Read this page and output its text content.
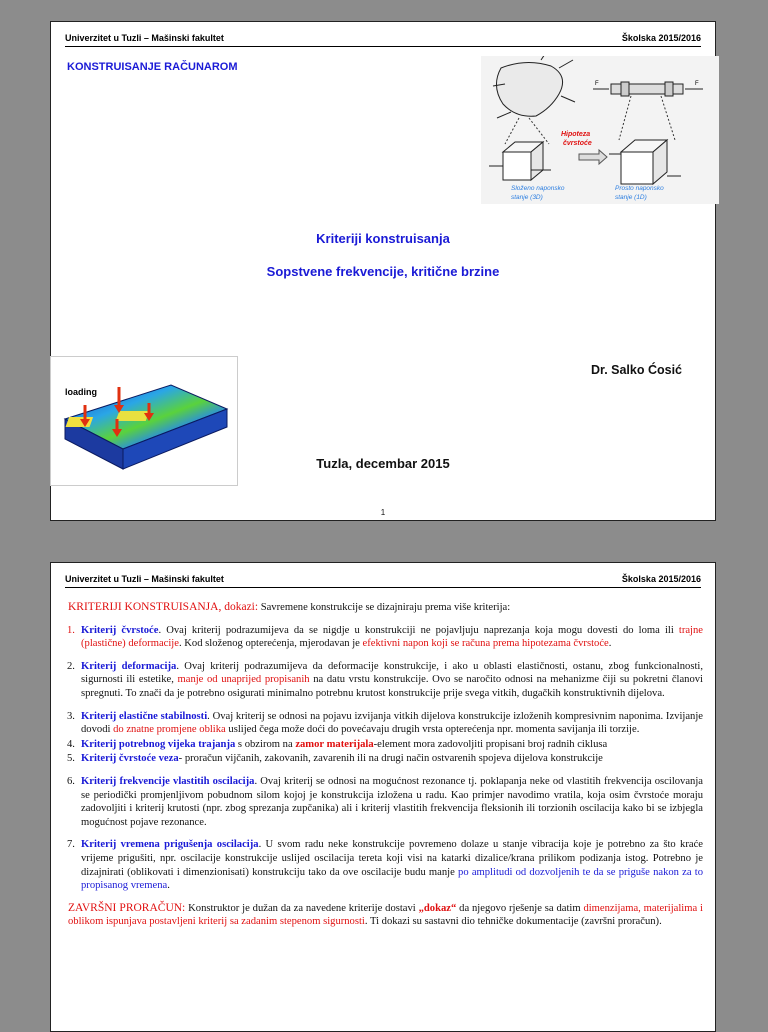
Univerzitet u Tuzli – Mašinski fakultet	Školska 2015/2016
KONSTRUISANJE RAČUNAROM
Hipoteza
čvrstoće
Složeno naponsko
stanje (3D)
F	F
Prosto naponsko
stanje (1D)
Kriteriji konstruisanja
Sopstvene frekvencije, kritične brzine
loading
Dr. Salko Ćosić
Tuzla, decembar 2015
1
Univerzitet u Tuzli – Mašinski fakultet	Školska 2015/2016

KRITERIJI KONSTRUISANJA, dokazi: Savremene konstrukcije se dizajniraju prema više kriterija:

1. Kriterij čvrstoće. Ovaj kriterij podrazumijeva da se nigdje u konstrukciji ne pojavljuju naprezanja koja mogu dovesti do loma ili trajne (plastične) deformacije. Kod složenog opterećenja, mjerodavan je efektivni napon koji se računa prema hipotezama čvrstoće.

2. Kriterij deformacija. Ovaj kriterij podrazumijeva da deformacije konstrukcije, i ako u oblasti elastičnosti, ostanu, zbog funkcionalnosti, sigurnosti ili estetike, manje od unaprijed propisanih na datu vrstu konstrukcije. Ovo se naročito odnosi na mehanizme čiji su pokretni članovi spregnuti. To znači da je potrebno osigurati minimalno potrebnu krutost konstrukcije prije svega vitkih, dugačkih konstruktivnih dijelova.

3. Kriterij elastične stabilnosti. Ovaj kriterij se odnosi na pojavu izvijanja vitkih dijelova konstrukcije izloženih kompresivnim naponima. Izvijanje dovodi do znatne promjene oblika uslijed čega može doći do povećavaju drugih vrsta opterećenja npr. momenta savijanja ili torzije.

4. Kriterij potrebnog vijeka trajanja s obzirom na zamor materijala-element mora zadovoljiti propisani broj radnih ciklusa

5. Kriterij čvrstoće veza- proračun vijčanih, zakovanih, zavarenih ili na drugi način ostvarenih spojeva dijelova konstrukcije

6. Kriterij frekvencije vlastitih oscilacija. Ovaj kriterij se odnosi na mogućnost rezonance tj. poklapanja neke od vlastitih frekvencija oscilovanja se periodički promjenljivom pobudnom silom kojoj je konstrukcija izložena u radu. Kao primjer navodimo vratila, koja osim čvrstoće moraju zadovoljiti i kriterij krutosti (npr. zbog sprezanja zupčanika) ali i kriterij vlastitih frekvencija fleksionih ili torzionih oscilacija kako bi se izbjegla mogućnost pojave rezonance.

7. Kriterij vremena prigušenja oscilacija. U svom radu neke konstrukcije povremeno dolaze u stanje vibracija koje je potrebno za što kraće vrijeme prigušiti, npr. oscilacije konstrukcije uslijed oscilacija tereta koji visi na katarki dizalice/krana prilikom podizanja istog. Potrebno je dizajnirati (oblikovati i dimenzionisati) konstrukciju tako da ove oscilacije budu manje po amplitudi od dozvoljenih te da se priguše nakon za to propisanog vremena.

ZAVRŠNI PRORAČUN: Konstruktor je dužan da za navedene kriterije dostavi „dokaz“ da njegovo rješenje sa datim dimenzijama, materijalima i oblikom ispunjava postavljeni kriterij sa zadanim stepenom sigurnosti. Ti dokazi su sastavni dio tehničke dokumentacije (završni proračun).
